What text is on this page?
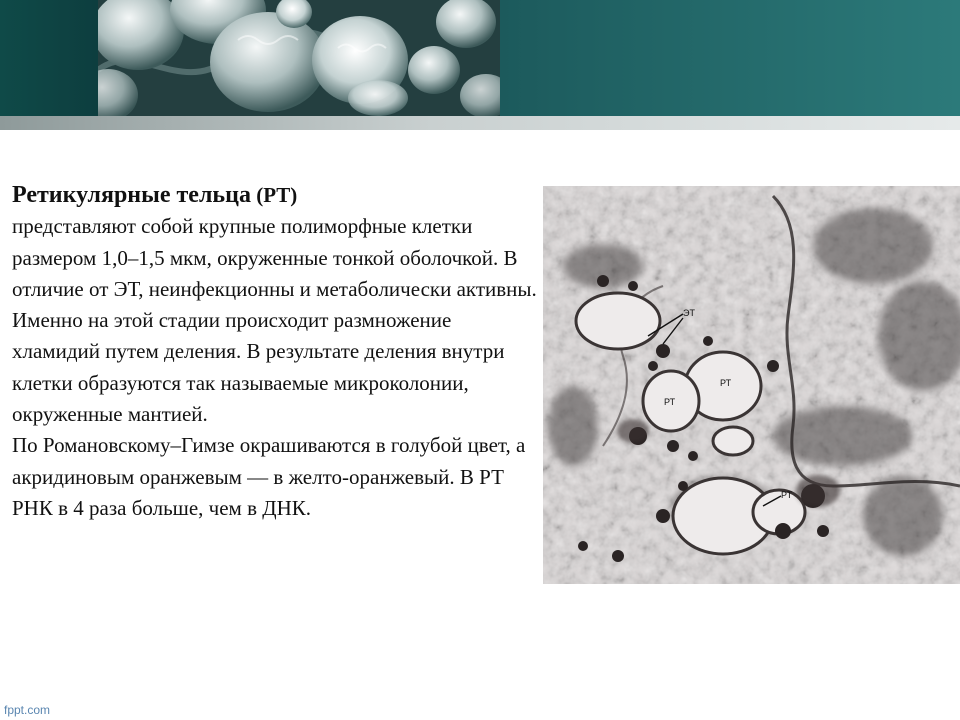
Ретикулярные тельца (РТ)

представляют собой крупные полиморфные клетки размером 1,0–1,5 мкм, окруженные тонкой оболочкой. В отличие от ЭТ, неинфекционны и метаболически активны. Именно на этой стадии происходит размножение хламидий путем деления. В результате деления внутри клетки образуются так называемые микроколонии, окруженные мантией.

По Романовскому–Гимзе окрашиваются в голубой цвет, а акридиновым оранжевым — в желто-оранжевый. В РТ РНК в 4 раза больше, чем в ДНК.

ЭТ
РТ
РТ
РТ
fppt.com
